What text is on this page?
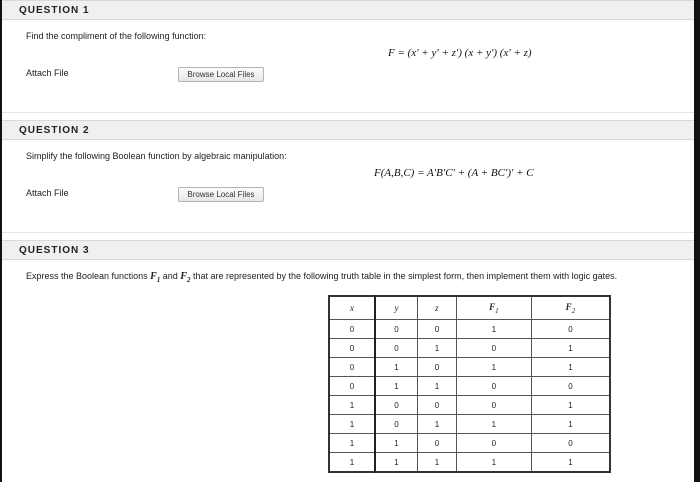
QUESTION 1
Find the compliment of the following function:
F = (x' + y' + z') (x + y') (x' + z)
Attach File	Browse Local Files
QUESTION 2
Simplify the following Boolean function by algebraic manipulation:
F(A,B,C) = A'B'C' + (A + BC')' + C
Attach File	Browse Local Files
QUESTION 3
Express the Boolean functions $F_1$ and $F_2$ that are represented by the following truth table in the simplest form, then implement them with logic gates.
x	y	z	$F_1$	$F_2$
0	0	0	1	0
0	0	1	0	1
0	1	0	1	1
0	1	1	0	0
1	0	0	0	1
1	0	1	1	1
1	1	0	0	0
1	1	1	1	1
